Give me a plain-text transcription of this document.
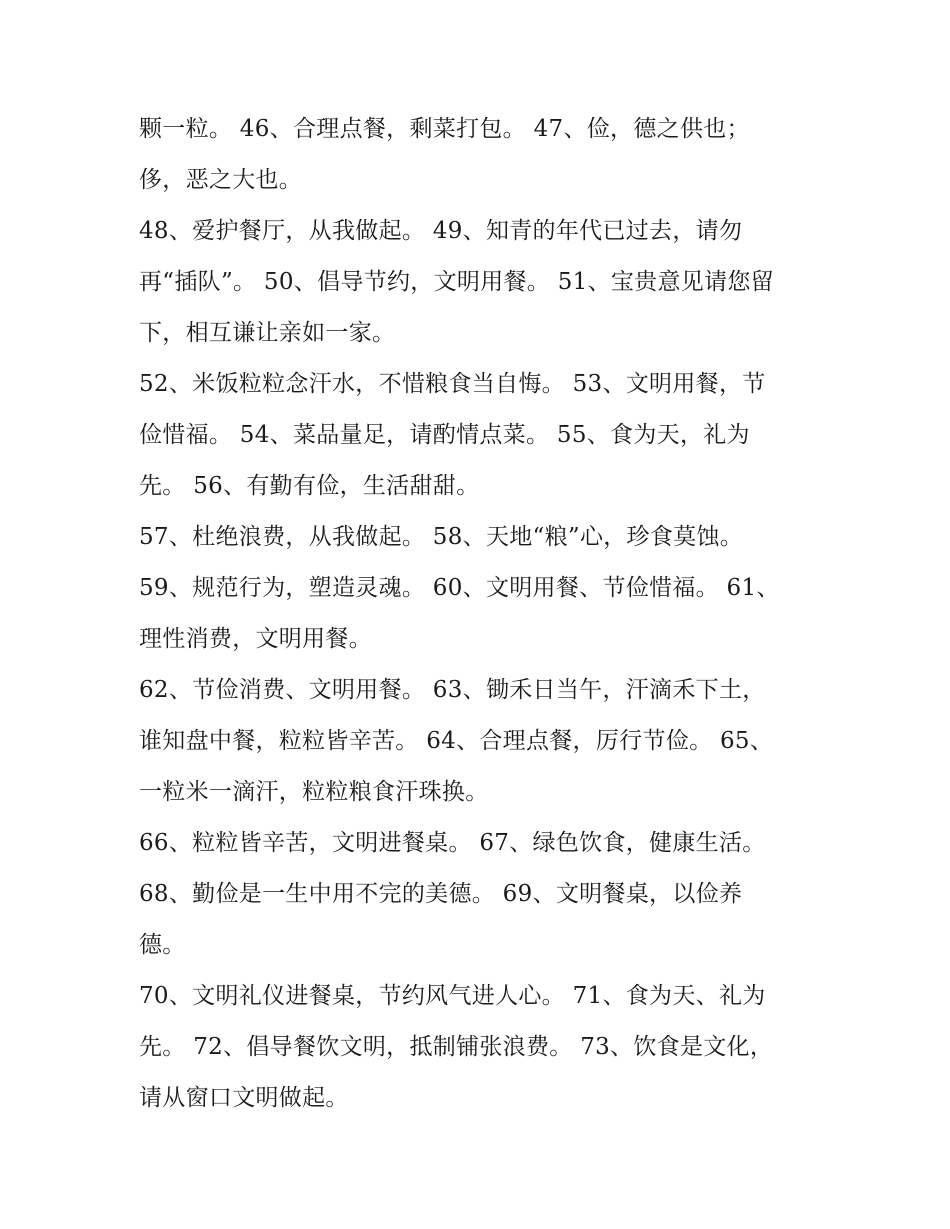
颗一粒。 46、合理点餐，剩菜打包。 47、俭，德之供也；
侈，恶之大也。
48、爱护餐厅，从我做起。 49、知青的年代已过去，请勿
再“插队”。 50、倡导节约，文明用餐。 51、宝贵意见请您留
下，相互谦让亲如一家。
52、米饭粒粒念汗水，不惜粮食当自悔。 53、文明用餐，节
俭惜福。 54、菜品量足，请酌情点菜。 55、食为天，礼为
先。 56、有勤有俭，生活甜甜。
57、杜绝浪费，从我做起。 58、天地“粮”心，珍食莫蚀。
59、规范行为，塑造灵魂。 60、文明用餐、节俭惜福。 61、
理性消费，文明用餐。
62、节俭消费、文明用餐。 63、锄禾日当午，汗滴禾下土，
谁知盘中餐，粒粒皆辛苦。 64、合理点餐，厉行节俭。 65、
一粒米一滴汗，粒粒粮食汗珠换。
66、粒粒皆辛苦，文明进餐桌。 67、绿色饮食，健康生活。
68、勤俭是一生中用不完的美德。 69、文明餐桌，以俭养
德。
70、文明礼仪进餐桌，节约风气进人心。 71、食为天、礼为
先。 72、倡导餐饮文明，抵制铺张浪费。 73、饮食是文化，
请从窗口文明做起。
